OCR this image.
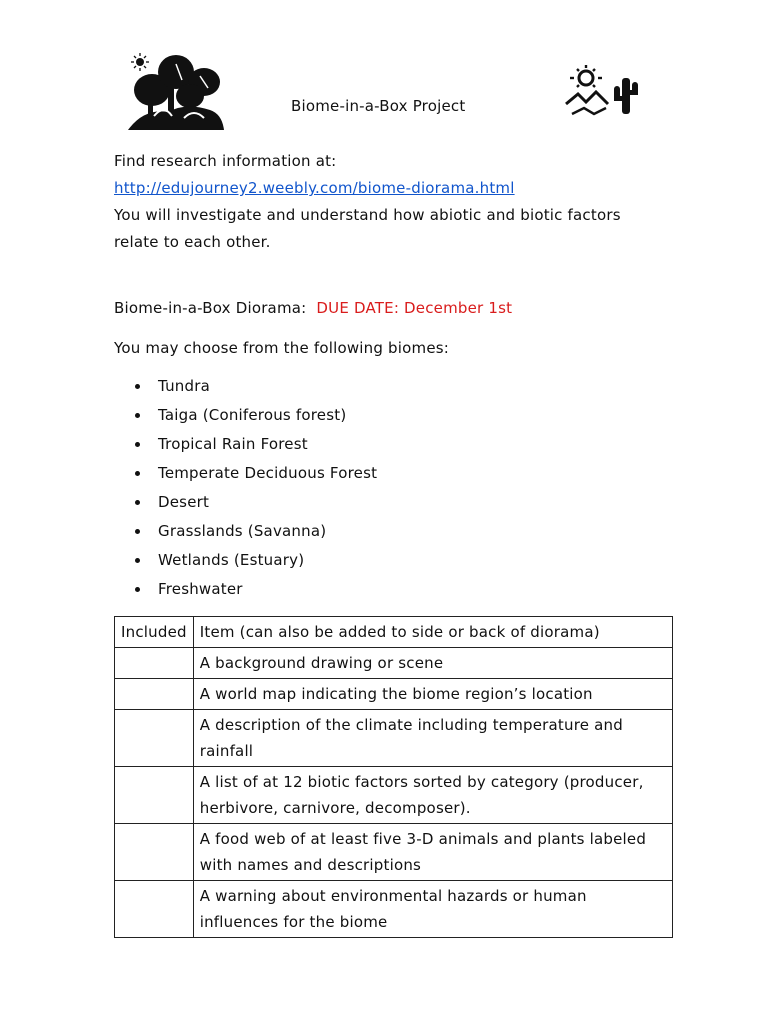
Biome-in-a-Box Project
Find research information at:
http://edujourney2.weebly.com/biome-diorama.html
You will investigate and understand how abiotic and biotic factors
relate to each other.
Biome-in-a-Box Diorama: DUE DATE: December 1st
You may choose from the following biomes:
Tundra
Taiga (Coniferous forest)
Tropical Rain Forest
Temperate Deciduous Forest
Desert
Grasslands (Savanna)
Wetlands (Estuary)
Freshwater
Included	Item (can also be added to side or back of diorama)
	A background drawing or scene
	A world map indicating the biome region’s location
	A description of the climate including temperature and rainfall
	A list of at 12 biotic factors sorted by category (producer, herbivore, carnivore, decomposer).
	A food web of at least five 3-D animals and plants labeled with names and descriptions
	A warning about environmental hazards or human influences for the biome
